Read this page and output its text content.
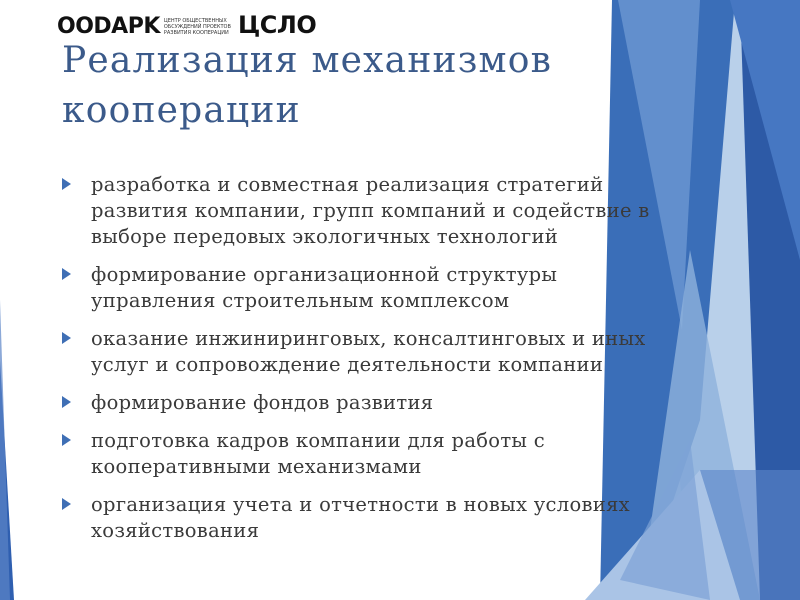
OODAPK ЦЕНТР ОБЩЕСТВЕННЫХ
ОБСУЖДЕНИЙ ПРОЕКТОВ
РАЗВИТИЯ КООПЕРАЦИИ ЦСЛО
Реализация механизмов кооперации
разработка и совместная реализация стратегий развития компании, групп компаний и содействие в выборе передовых экологичных технологий
формирование организационной структуры управления строительным комплексом
оказание инжиниринговых, консалтинговых и иных услуг и сопровождение деятельности компании
формирование фондов развития
подготовка кадров компании для работы с кооперативными механизмами
организация учета и отчетности в новых условиях хозяйствования
